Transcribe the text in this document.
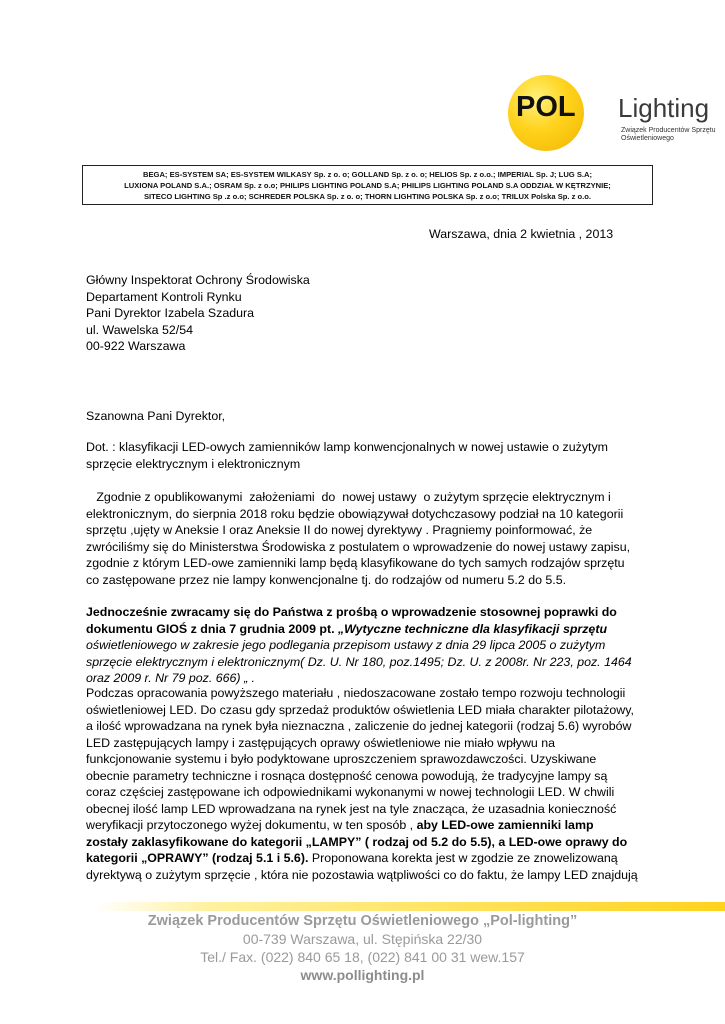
POL Lighting
Związek Producentów Sprzętu
Oświetleniowego
BEGA; ES-SYSTEM SA; ES-SYSTEM WILKASY Sp. z o. o; GOLLAND Sp. z o. o; HELIOS Sp. z o.o.; IMPERIAL Sp. J; LUG S.A;
LUXIONA POLAND S.A.; OSRAM Sp. z o.o; PHILIPS LIGHTING POLAND S.A; PHILIPS LIGHTING POLAND S.A ODDZIAŁ W KĘTRZYNIE;
SITECO LIGHTING Sp .z o.o; SCHREDER POLSKA Sp. z o. o; THORN LIGHTING POLSKA Sp. z o.o; TRILUX Polska Sp. z o.o.
Warszawa, dnia 2 kwietnia , 2013
Główny Inspektorat Ochrony Środowiska
Departament Kontroli Rynku
Pani Dyrektor Izabela Szadura
ul. Wawelska 52/54
00-922 Warszawa
Szanowna Pani Dyrektor,
Dot. : klasyfikacji LED-owych zamienników lamp konwencjonalnych w nowej ustawie o zużytym
sprzęcie elektrycznym i elektronicznym
Zgodnie z opublikowanymi  założeniami  do  nowej ustawy  o zużytym sprzęcie elektrycznym i
elektronicznym, do sierpnia 2018 roku będzie obowiązywał dotychczasowy podział na 10 kategorii
sprzętu ,ujęty w Aneksie I oraz Aneksie II do nowej dyrektywy . Pragniemy poinformować, że
zwróciliśmy się do Ministerstwa Środowiska z postulatem o wprowadzenie do nowej ustawy zapisu,
zgodnie z którym LED-owe zamienniki lamp będą klasyfikowane do tych samych rodzajów sprzętu
co zastępowane przez nie lampy konwencjonalne tj. do rodzajów od numeru 5.2 do 5.5.
Jednocześnie zwracamy się do Państwa z prośbą o wprowadzenie stosownej poprawki do
dokumentu GIOŚ z dnia 7 grudnia 2009 pt. „Wytyczne techniczne dla klasyfikacji sprzętu
oświetleniowego w zakresie jego podlegania przepisom ustawy z dnia 29 lipca 2005 o zużytym
sprzęcie elektrycznym i elektronicznym( Dz. U. Nr 180, poz.1495; Dz. U. z 2008r. Nr 223, poz. 1464
oraz 2009 r. Nr 79 poz. 666) „ .
Podczas opracowania powyższego materiału , niedoszacowane zostało tempo rozwoju technologii
oświetleniowej LED. Do czasu gdy sprzedaż produktów oświetlenia LED miała charakter pilotażowy,
a ilość wprowadzana na rynek była nieznaczna , zaliczenie do jednej kategorii (rodzaj 5.6) wyrobów
LED zastępujących lampy i zastępujących oprawy oświetleniowe nie miało wpływu na
funkcjonowanie systemu i było podyktowane uproszczeniem sprawozdawczości. Uzyskiwane
obecnie parametry techniczne i rosnąca dostępność cenowa powodują, że tradycyjne lampy są
coraz częściej zastępowane ich odpowiednikami wykonanymi w nowej technologii LED. W chwili
obecnej ilość lamp LED wprowadzana na rynek jest na tyle znacząca, że uzasadnia konieczność
weryfikacji przytoczonego wyżej dokumentu, w ten sposób , aby LED-owe zamienniki lamp
zostały zaklasyfikowane do kategorii „LAMPY” ( rodzaj od 5.2 do 5.5), a LED-owe oprawy do
kategorii „OPRAWY” (rodzaj 5.1 i 5.6). Proponowana korekta jest w zgodzie ze znowelizowaną
dyrektywą o zużytym sprzęcie , która nie pozostawia wątpliwości co do faktu, że lampy LED znajdują
Związek Producentów Sprzętu Oświetleniowego „Pol-lighting”
00-739 Warszawa, ul. Stępińska 22/30
Tel./ Fax. (022) 840 65 18, (022) 841 00 31 wew.157
www.pollighting.pl
